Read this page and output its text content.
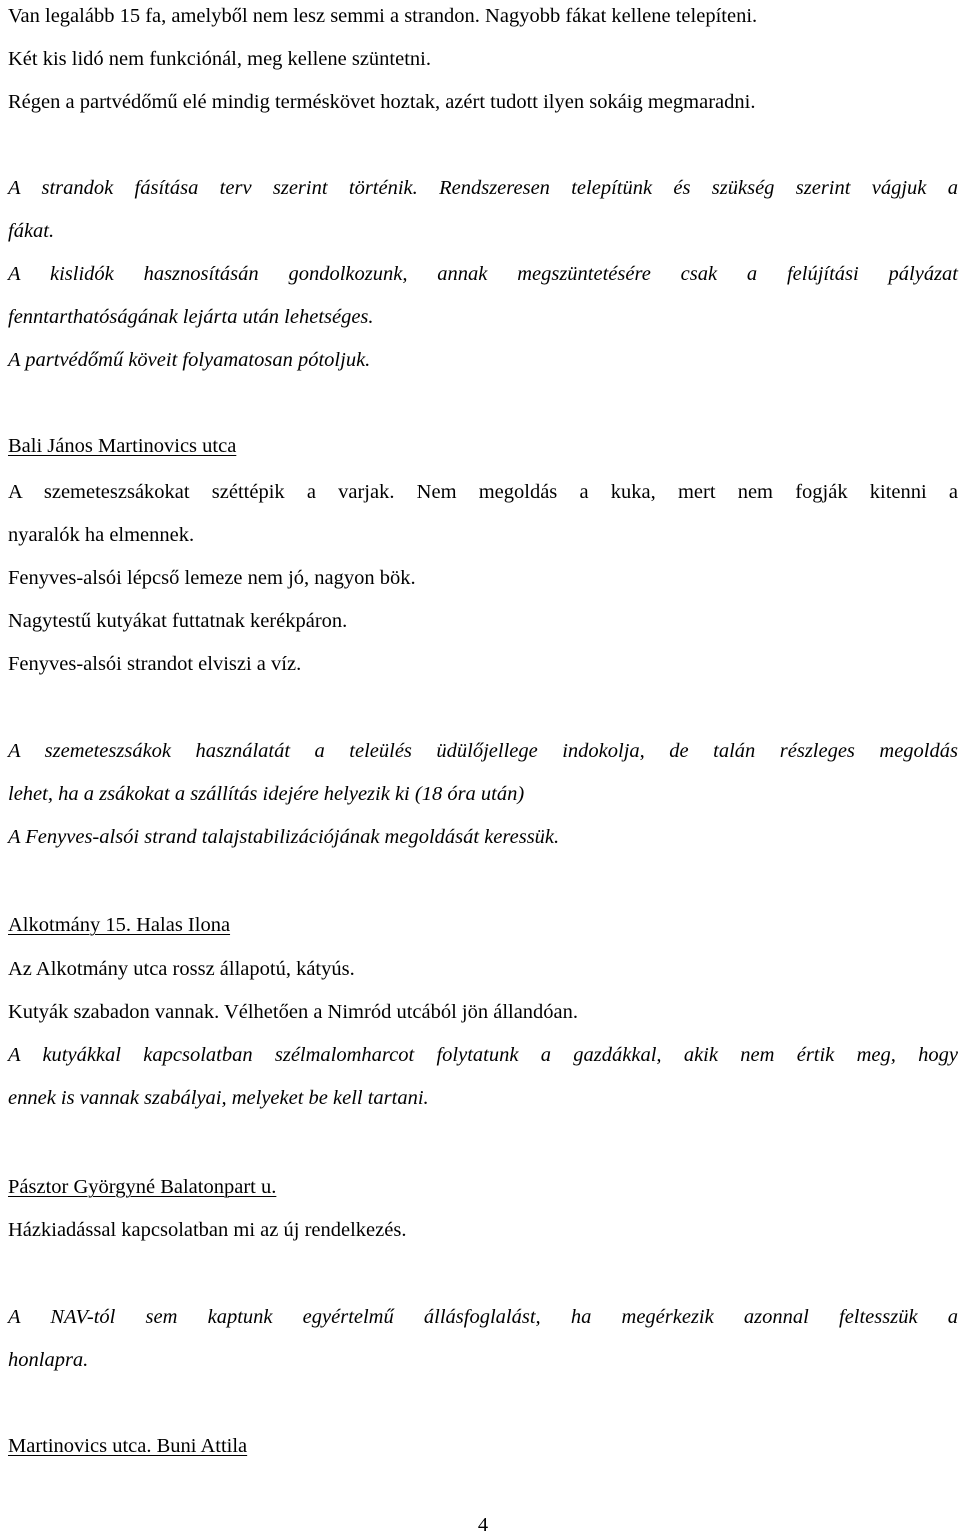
Van legalább 15 fa, amelyből nem lesz semmi a strandon. Nagyobb fákat kellene telepíteni.
Két kis lidó nem funkciónál, meg kellene szüntetni.
Régen a partvédőmű elé mindig terméskövet hoztak, azért tudott ilyen sokáig megmaradni.
A strandok fásítása terv szerint történik. Rendszeresen telepítünk és szükség szerint vágjuk a
fákat.
A kislidók hasznosításán gondolkozunk, annak megszüntetésére csak a felújítási pályázat
fenntarthatóságának lejárta után lehetséges.
A partvédőmű köveit folyamatosan pótoljuk.
Bali János Martinovics utca
A szemeteszsákokat széttépik a varjak. Nem megoldás a kuka, mert nem fogják kitenni a
nyaralók ha elmennek.
Fenyves-alsói lépcső lemeze nem jó, nagyon bök.
Nagytestű kutyákat futtatnak kerékpáron.
Fenyves-alsói strandot elviszi a víz.
A szemeteszsákok használatát a teleülés üdülőjellege indokolja, de talán részleges megoldás
lehet, ha a zsákokat a szállítás idejére helyezik ki (18 óra után)
A Fenyves-alsói strand talajstabilizációjának megoldását keressük.
Alkotmány 15. Halas Ilona
Az Alkotmány utca rossz állapotú, kátyús.
Kutyák szabadon vannak. Vélhetően a Nimród utcából jön állandóan.
A kutyákkal kapcsolatban szélmalomharcot folytatunk a gazdákkal, akik nem értik meg, hogy
ennek is vannak szabályai, melyeket be kell tartani.
Pásztor Györgyné Balatonpart u.
Házkiadással kapcsolatban mi az új rendelkezés.
A NAV-tól sem kaptunk egyértelmű állásfoglalást, ha megérkezik azonnal feltesszük a
honlapra.
Martinovics utca. Buni Attila
4
